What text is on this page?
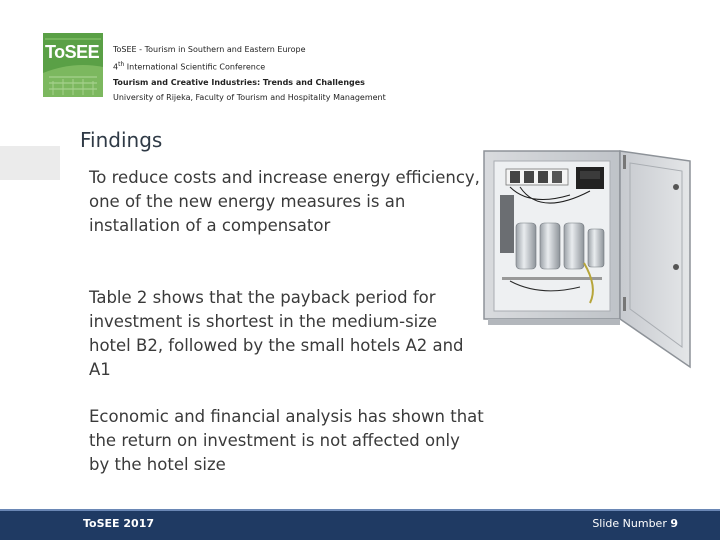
ToSEE	ToSEE - Tourism in Southern and Eastern Europe
4th International Scientific Conference
Tourism and Creative Industries: Trends and Challenges
University of Rijeka, Faculty of Tourism and Hospitality Management
Findings
To reduce costs and increase energy efficiency, one of the new energy measures is an installation of a compensator
Table 2 shows that the payback period for investment is shortest in the medium-size hotel B2, followed by the small hotels A2 and A1
Economic and financial analysis has shown that the return on investment is not affected only by the hotel size
ToSEE 2017	Slide Number 9
